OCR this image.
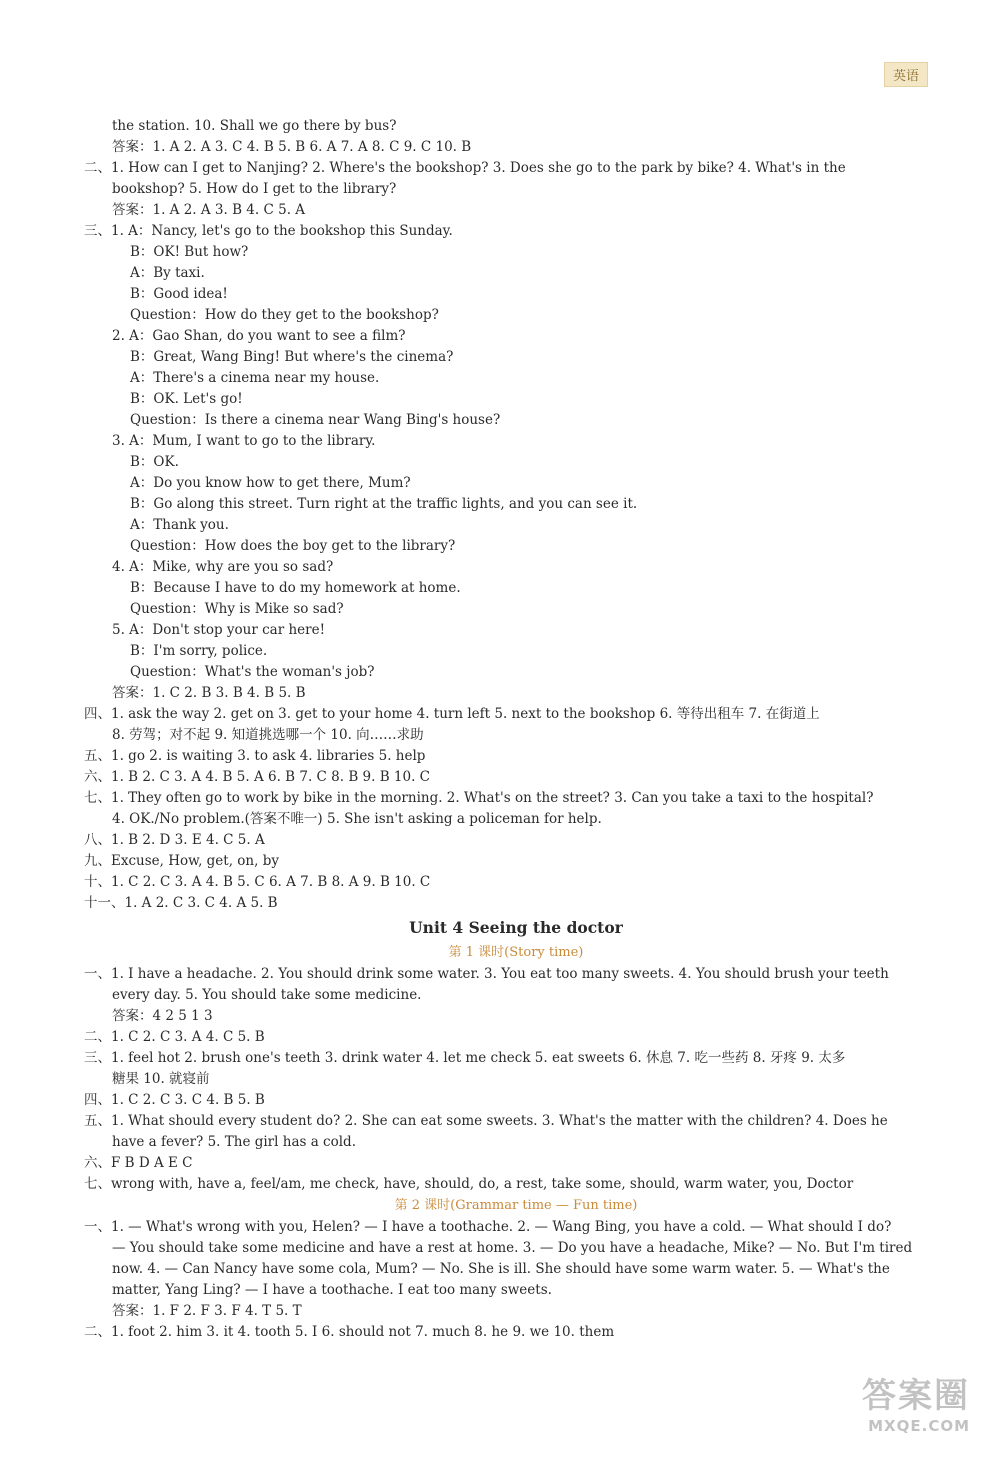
英语
the station. 10. Shall we go there by bus?
答案：1. A 2. A 3. C 4. B 5. B 6. A 7. A 8. C 9. C 10. B
二、1. How can I get to Nanjing? 2. Where's the bookshop? 3. Does she go to the park by bike? 4. What's in the
bookshop? 5. How do I get to the library?
答案：1. A 2. A 3. B 4. C 5. A
三、1. A：Nancy, let's go to the bookshop this Sunday.
B：OK! But how?
A：By taxi.
B：Good idea!
Question：How do they get to the bookshop?
2. A：Gao Shan, do you want to see a film?
B：Great, Wang Bing! But where's the cinema?
A：There's a cinema near my house.
B：OK. Let's go!
Question：Is there a cinema near Wang Bing's house?
3. A：Mum, I want to go to the library.
B：OK.
A：Do you know how to get there, Mum?
B：Go along this street. Turn right at the traffic lights, and you can see it.
A：Thank you.
Question：How does the boy get to the library?
4. A：Mike, why are you so sad?
B：Because I have to do my homework at home.
Question：Why is Mike so sad?
5. A：Don't stop your car here!
B：I'm sorry, police.
Question：What's the woman's job?
答案：1. C 2. B 3. B 4. B 5. B
四、1. ask the way 2. get on 3. get to your home 4. turn left 5. next to the bookshop 6. 等待出租车 7. 在街道上
8. 劳驾；对不起 9. 知道挑选哪一个 10. 向……求助
五、1. go 2. is waiting 3. to ask 4. libraries 5. help
六、1. B 2. C 3. A 4. B 5. A 6. B 7. C 8. B 9. B 10. C
七、1. They often go to work by bike in the morning. 2. What's on the street? 3. Can you take a taxi to the hospital?
4. OK./No problem.(答案不唯一) 5. She isn't asking a policeman for help.
八、1. B 2. D 3. E 4. C 5. A
九、Excuse, How, get, on, by
十、1. C 2. C 3. A 4. B 5. C 6. A 7. B 8. A 9. B 10. C
十一、1. A 2. C 3. C 4. A 5. B
Unit 4 Seeing the doctor
第 1 课时(Story time)
一、1. I have a headache. 2. You should drink some water. 3. You eat too many sweets. 4. You should brush your teeth
every day. 5. You should take some medicine.
答案：4 2 5 1 3
二、1. C 2. C 3. A 4. C 5. B
三、1. feel hot 2. brush one's teeth 3. drink water 4. let me check 5. eat sweets 6. 休息 7. 吃一些药 8. 牙疼 9. 太多
糖果 10. 就寝前
四、1. C 2. C 3. C 4. B 5. B
五、1. What should every student do? 2. She can eat some sweets. 3. What's the matter with the children? 4. Does he
have a fever? 5. The girl has a cold.
六、F B D A E C
七、wrong with, have a, feel/am, me check, have, should, do, a rest, take some, should, warm water, you, Doctor
第 2 课时(Grammar time — Fun time)
一、1. — What's wrong with you, Helen? — I have a toothache. 2. — Wang Bing, you have a cold. — What should I do?
— You should take some medicine and have a rest at home. 3. — Do you have a headache, Mike? — No. But I'm tired
now. 4. — Can Nancy have some cola, Mum? — No. She is ill. She should have some warm water. 5. — What's the
matter, Yang Ling? — I have a toothache. I eat too many sweets.
答案：1. F 2. F 3. F 4. T 5. T
二、1. foot 2. him 3. it 4. tooth 5. I 6. should not 7. much 8. he 9. we 10. them
答案圈
MXQE.COM
